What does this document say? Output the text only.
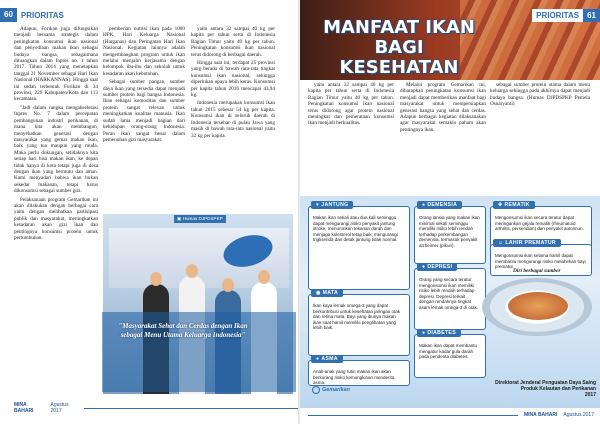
60	PRIORITAS

Adapun, Forikan juga difungsikan menjadi bersama strategis dalam peningkatan konsumsi ikan nasional dan penyediaan makan ikan sebagai budaya bangsa, sebagaimana dituangkan dalam Inpres no. 1 tahun 2017. Tahun 2014 yang menetapkan tanggal 21 November sebagai Hari Ikan Nasional (HARKANNAS). Hingga saat ini sudah terbentuk Forikan di 34 provinsi, 229 Kabupaten/Kota dan 113 kecamatan.

"Jadi dalam rangka mengakselerasi Inpres No. 7 dalam percepatan pembangunan industri perikanan, di mana kita akan membangun, menyehatkan generasi dengan masyarakat yang gemar makan ikan, baik yang tua maupun yang muda, Maka perlu dukungan, setidaknya kita setiap hari bisa makan ikan, ke depan tidak hanya di kota tetapi juga di desa dengan ikan yang bermutu dan aman. Kami menyadari bahwa ikan bukan sekedar makanan, tetapi harus dikonsumsi sebagai sumber gizi.

Pelaksanaan program Gemarikan ini akan dilakukan dengan berbagai cara yaitu dengan melibatkan partisipasi publik dan masyarakat, meningkatkan kesadaran akan gizi ikan dan pentingnya konsumsi protein untuk pertumbuhan.

pemberian nutrisi ikan pada 1000 HPK, Hari Keluarga Nasional (Harganas) dan Peringatan Hari Ikan Nasional. Kegiatan lainnya adalah mengembangkan program untuk ikan melalui menjalin kerjasama dengan kelompok ibu-ibu dan sekolah untuk kesadaran akan kebutuhan.

Sebagai sumber pangan, sumber daya ikan yang tersedia dapat menjadi sumber protein bagi bangsa Indonesia. Ikan sebagai komoditas dan sumber protein sangat relevan untuk meningkatkan kualitas manusia. Ikan sudah lama menjadi bagian dari kehidupan orang-orang Indonesia. Peran ikan sangat besar dalam pemenuhan gizi masyarakat.

yaitu antara 32 sampai 40 kg per kapita per tahun serta di Indonesia Bagian Timur yaitu 40 kg per tahun. Peningkatan konsumsi ikan nasional terus didorong di berbagai daerah.

Hingga saat ini, terdapat 25 provinsi yang berada di bawah rata-rata tingkat konsumsi ikan nasional, sehingga diperlukan upaya lebih keras. Konsumsi per kapita tahun 2016 mencapai 43,94 kg.

Indonesia merupakan konsumsi ikan tahun 2015 sebesar 54 kg per kapita. Konsumsi ikan di seluruh daerah di Indonesia tersebar di pulau Jawa yang masih di bawah rata-rata nasional yaitu 32 kg per kapita.

▣ Humas DJPDSPKP
"Masyarakat Sehat dan Cerdas dengan Ikan sebagai Menu Utama Keluarga Indonesia"
MINA BAHARI
Agustus 2017
MANFAAT IKAN
BAGI KESEHATAN
PRIORITAS	61

yaitu antara 32 sampai 40 kg per kapita per tahun serta di Indonesia Bagian Timur yaitu 40 kg per tahun. Peningkatan konsumsi ikan nasional terus didorong agar protein nasional meningkat dan pemerataan konsumsi ikan menjadi berkualitas.

Melalui program Gemarikan ini, diharapkan peningkatan konsumsi ikan menjadi dapat memberikan manfaat bagi masyarakat untuk mempersiapkan generasi bangsa yang sehat dan cerdas. Adapun berbagai kegiatan dilaksanakan agar masyarakat semakin paham akan pentingnya ikan.

sebagai sumber protein utama dalam menu keluarga sehingga pada akhirnya dapat menjadi budaya bangsa. (Humas DJPDSPKP Pemela Osnaryanti)

♥ JANTUNG
Makan ikan sekali atau dua kali seminggu dapat mengurangi risiko penyakit jantung stroke, menurunkan tekanan darah dan menjaga kolesterol tetap baik, mengurangi trigliserida dan detak jantung tidak normal.
● DEMENSIA
Orang lansia yang makan ikan minimal sekali seminggu memiliki risiko lebih rendah terhadap perkembangan demensia, termasuk penyakit alzheimer (pikun).
✚ REMATIK
Mengonsumsi ikan secara teratur dapat meringankan gejala rematik (rheumatoid arthritis, persendian) dan penyakit autoimun.
● DEPRESI
Orang yang secara teratur mengonsumsi ikan memiliki risiko lebih rendah terhadap depresi. Depresi terkait dengan rendahnya tingkat asam lemak omega-3 di otak.
☺ LAHIR PREMATUR
Mengonsumsi ikan selama hamil dapat membantu mengurangi risiko melahirkan bayi prematur.
Diri berbagai sumber
◉ MATA
Ikan kaya lemak omega-3 yang dapat berkontribusi untuk kesehatan jaringan otak dan retina mata. Bayi yang ibunya makan ikan saat hamil memiliki penglihatan yang lebih baik.
● DIABETES
Makan ikan dapat membantu mengatur kadar gula darah pada penderita diabetes.
● ASMA
Anak-anak yang rutin makan ikan akan berkurang risiko kemungkinan menderita asma.
Gemarikan
Direktorat Jenderal Penguatan Daya Saing
Produk Kelautan dan Perikanan
2017
MINA BAHARI Agustus 2017
